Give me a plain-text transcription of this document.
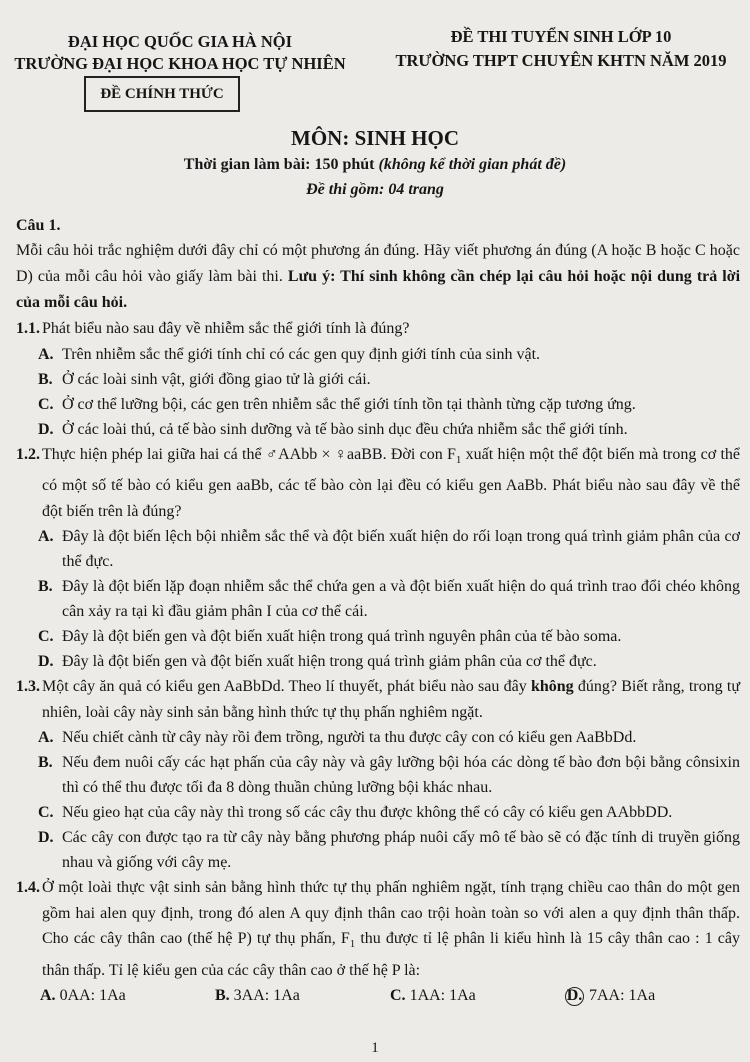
ĐẠI HỌC QUỐC GIA HÀ NỘI
TRƯỜNG ĐẠI HỌC KHOA HỌC TỰ NHIÊN
ĐỀ THI TUYỂN SINH LỚP 10
TRƯỜNG THPT CHUYÊN KHTN NĂM 2019
ĐỀ CHÍNH THỨC
MÔN: SINH HỌC
Thời gian làm bài: 150 phút (không kể thời gian phát đề)
Đề thi gồm: 04 trang

Câu 1.

Mỗi câu hỏi trắc nghiệm dưới đây chỉ có một phương án đúng. Hãy viết phương án đúng (A hoặc B hoặc C hoặc D) của mỗi câu hỏi vào giấy làm bài thi. Lưu ý: Thí sinh không cần chép lại câu hỏi hoặc nội dung trả lời của mỗi câu hỏi.

1.1. Phát biểu nào sau đây về nhiễm sắc thể giới tính là đúng?
A. Trên nhiễm sắc thể giới tính chỉ có các gen quy định giới tính của sinh vật.
B. Ở các loài sinh vật, giới đồng giao tử là giới cái.
C. Ở cơ thể lưỡng bội, các gen trên nhiễm sắc thể giới tính tồn tại thành từng cặp tương ứng.
D. Ở các loài thú, cả tế bào sinh dưỡng và tế bào sinh dục đều chứa nhiễm sắc thể giới tính.
1.2. Thực hiện phép lai giữa hai cá thể ♂AAbb × ♀aaBB. Đời con $F_1$ xuất hiện một thể đột biến mà trong cơ thể có một số tế bào có kiểu gen aaBb, các tế bào còn lại đều có kiểu gen AaBb. Phát biểu nào sau đây về thể đột biến trên là đúng?
A. Đây là đột biến lệch bội nhiễm sắc thể và đột biến xuất hiện do rối loạn trong quá trình giảm phân của cơ thể đực.
B. Đây là đột biến lặp đoạn nhiễm sắc thể chứa gen a và đột biến xuất hiện do quá trình trao đổi chéo không cân xảy ra tại kì đầu giảm phân I của cơ thể cái.
C. Đây là đột biến gen và đột biến xuất hiện trong quá trình nguyên phân của tế bào soma.
D. Đây là đột biến gen và đột biến xuất hiện trong quá trình giảm phân của cơ thể đực.
1.3. Một cây ăn quả có kiểu gen AaBbDd. Theo lí thuyết, phát biểu nào sau đây không đúng? Biết rằng, trong tự nhiên, loài cây này sinh sản bằng hình thức tự thụ phấn nghiêm ngặt.
A. Nếu chiết cành từ cây này rồi đem trồng, người ta thu được cây con có kiểu gen AaBbDd.
B. Nếu đem nuôi cấy các hạt phấn của cây này và gây lưỡng bội hóa các dòng tế bào đơn bội bằng cônsixin thì có thể thu được tối đa 8 dòng thuần chủng lưỡng bội khác nhau.
C. Nếu gieo hạt của cây này thì trong số các cây thu được không thể có cây có kiểu gen AAbbDD.
D. Các cây con được tạo ra từ cây này bằng phương pháp nuôi cấy mô tế bào sẽ có đặc tính di truyền giống nhau và giống với cây mẹ.
1.4. Ở một loài thực vật sinh sản bằng hình thức tự thụ phấn nghiêm ngặt, tính trạng chiều cao thân do một gen gồm hai alen quy định, trong đó alen A quy định thân cao trội hoàn toàn so với alen a quy định thân thấp. Cho các cây thân cao (thế hệ P) tự thụ phấn, $F_1$ thu được tỉ lệ phân li kiểu hình là 15 cây thân cao : 1 cây thân thấp. Tỉ lệ kiểu gen của các cây thân cao ở thế hệ P là:
A. 0AA: 1Aa	B. 3AA: 1Aa	C. 1AA: 1Aa	D. 7AA: 1Aa
1
